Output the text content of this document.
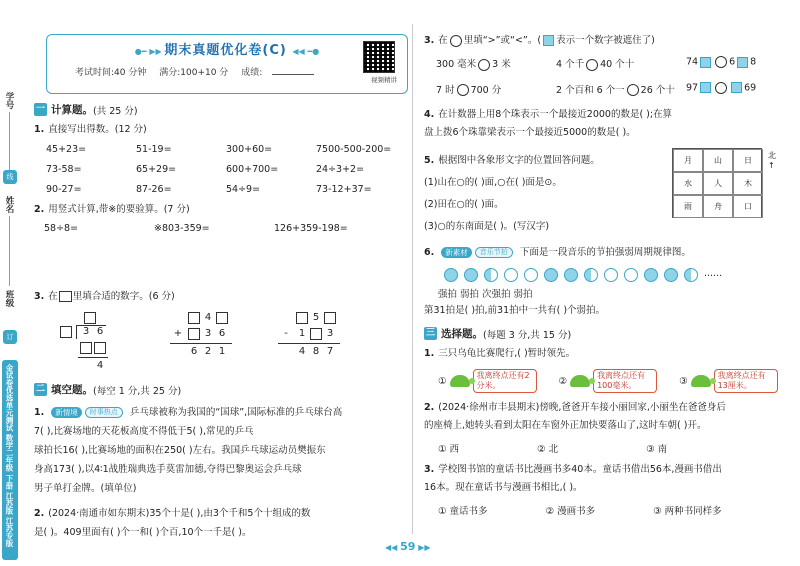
学号
线
姓名
班级
订
金试卷优选单元测试 数学二年级 下册 江苏版 江苏专版
●━ ▶▶ 期末真题优化卷(C) ◀◀ ━●
考试时间:40 分钟 满分:100+10 分 成绩:
视频精讲
一 计算题。 (共 25 分)
1. 直接写出得数。(12 分)
45+23=	51-19=	300+60=	7500-500-200=
73-58=	65+29=	600+700=	24÷3+2=
90-27=	87-26=	54÷9=	73-12+37=
2. 用竖式计算,带※的要验算。(7 分)
58÷8=	※803-359=	126+359-198=
3. 在 里填合适的数字。(6 分)
3 6
4
4
+ 3 6
6 2 1
5
-	1 3
4 8 7
二 填空题。 (每空 1 分,共 25 分)
1. 新情境 时事热点 乒乓球被称为我国的“国球”,国际标准的乒乓球台高
7( ),比赛场地的天花板高度不得低于5( ),常见的乒乓
球拍长16( ),比赛场地的面积在250( )左右。我国乒乓球运动员樊振东
身高173( ),以4∶1战胜瑞典选手莫雷加德,夺得巴黎奥运会乒乓球
男子单打金牌。(填单位)
2. (2024·南通市如东期末)35个十是( ),由3个千和5个十组成的数
是( )。409里面有( )个一和( )个百,10个一千是( )。
3. 在 里填“>”或“<”。( 表示一个数字被遮住了)
300 毫米 3 米	4 个千 40 个十	74	6 8
7 时 700 分	2 个百和 6 个一 26 个十	97	69
4. 在计数器上用8个珠表示一个最接近2000的数是( );在算
盘上拨6个珠靠梁表示一个最接近5000的数是( )。
5. 根据图中各象形文字的位置回答问题。
(1)山在○的( )面,○在( )面是⊙。
(2)田在○的( )面。
(3)○的东南面是( )。(写汉字)
月	山	日
水	人	木
雨	舟	口
北
↑
6. 新素材 音乐节拍 下面是一段音乐的节拍强弱周期规律图。
......
强拍 弱拍 次强拍 弱拍
第31拍是( )拍,前31拍中一共有( )个弱拍。
三 选择题。 (每题 3 分,共 15 分)
1. 三只乌龟比赛爬行,( )暂时领先。
①	我离终点还有2分米。	②	我离终点还有100毫米。	③	我离终点还有13厘米。
2. (2024·徐州市丰县期末)傍晚,爸爸开车接小丽回家,小丽坐在爸爸身后
的座椅上,她转头看到太阳在车窗外正加快要落山了,这时车朝( )开。
① 西	② 北	③ 南
3. 学校图书馆的童话书比漫画书多40本。童话书借出56本,漫画书借出
16本。现在童话书与漫画书相比,( )。
① 童话书多	② 漫画书多	③ 两种书同样多
◀◀ 59 ▶▶
